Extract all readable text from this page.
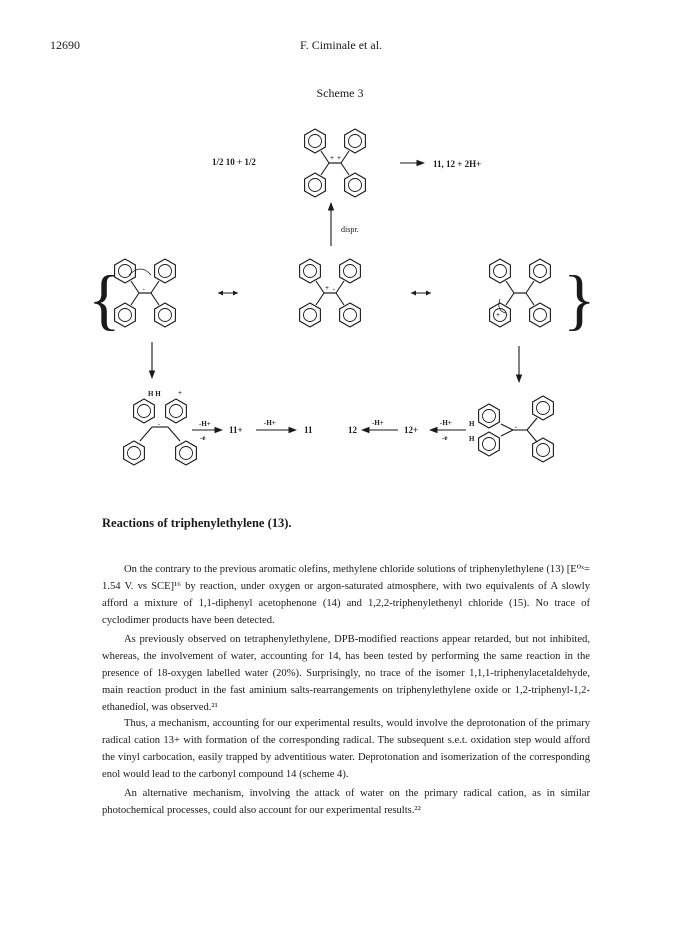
12690	F. Ciminale et al.
Scheme 3
1/2 10 + 1/2	+ +
11, 12 + 2H+
dispr.
{	.	+ .
+ }
H H +
.	-H+
-e
11+
-H+
11	12
-H+
12+
-H+
-e
H
H
.
Reactions of triphenylethylene (13).

On the contrary to the previous aromatic olefins, methylene chloride solutions of triphenylethylene (13) [E⁰ˣ= 1.54 V. vs SCE]¹⁶ by reaction, under oxygen or argon-saturated atmosphere, with two equivalents of A slowly afford a mixture of 1,1-diphenyl acetophenone (14) and 1,2,2-triphenylethenyl chloride (15). No trace of cyclodimer products have been detected.

As previously observed on tetraphenylethylene, DPB-modified reactions appear retarded, but not inhibited, whereas, the involvement of water, accounting for 14, has been tested by performing the same reaction in the presence of 18-oxygen labelled water (20%). Surprisingly, no trace of the isomer 1,1,1-triphenylacetaldehyde, main reaction product in the fast aminium salts-rearrangements on triphenylethylene oxide or 1,2-triphenyl-1,2-ethanediol, was observed.²¹

Thus, a mechanism, accounting for our experimental results, would involve the deprotonation of the primary radical cation 13+ with formation of the corresponding radical. The subsequent s.e.t. oxidation step would afford the vinyl carbocation, easily trapped by adventitious water. Deprotonation and isomerization of the corresponding enol would lead to the carbonyl compound 14 (scheme 4).

An alternative mechanism, involving the attack of water on the primary radical cation, as in similar photochemical processes, could also account for our experimental results.²²
